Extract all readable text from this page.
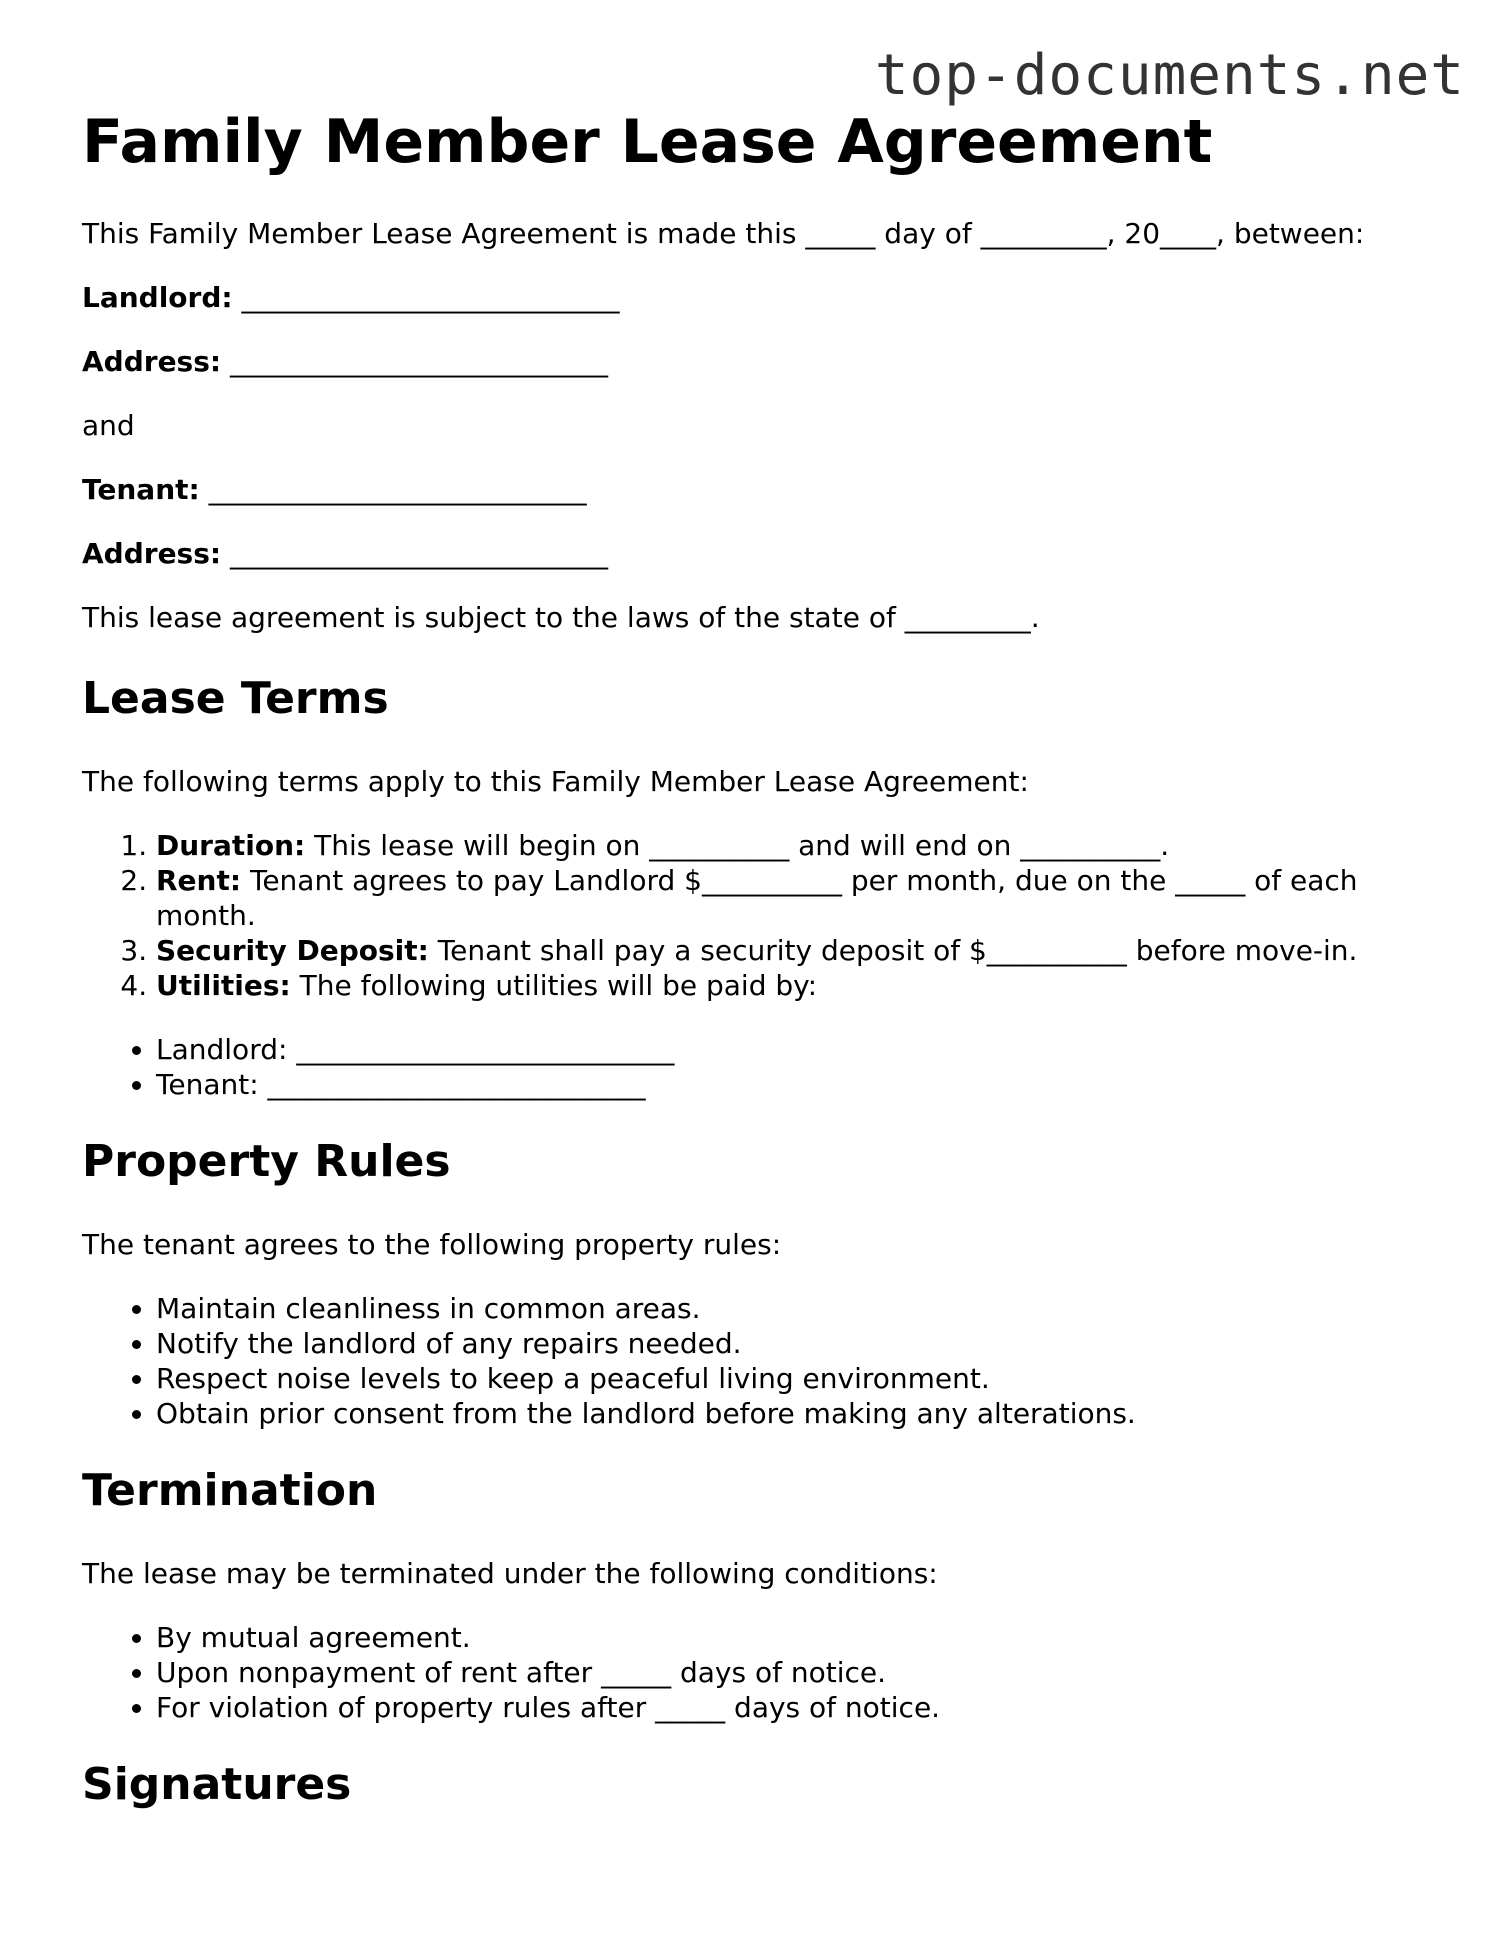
top-documents.net
Family Member Lease Agreement

This Family Member Lease Agreement is made this _____ day of _________, 20____, between:

Landlord: ___________________________

Address: ___________________________

and

Tenant: ___________________________

Address: ___________________________

This lease agreement is subject to the laws of the state of _________.

Lease Terms

The following terms apply to this Family Member Lease Agreement:

1. Duration: This lease will begin on __________ and will end on __________.
2. Rent: Tenant agrees to pay Landlord $__________ per month, due on the _____ of each month.
3. Security Deposit: Tenant shall pay a security deposit of $__________ before move-in.
4. Utilities: The following utilities will be paid by:
• Landlord: ___________________________
• Tenant: ___________________________
Property Rules

The tenant agrees to the following property rules:

• Maintain cleanliness in common areas.
• Notify the landlord of any repairs needed.
• Respect noise levels to keep a peaceful living environment.
• Obtain prior consent from the landlord before making any alterations.
Termination

The lease may be terminated under the following conditions:

• By mutual agreement.
• Upon nonpayment of rent after _____ days of notice.
• For violation of property rules after _____ days of notice.
Signatures
